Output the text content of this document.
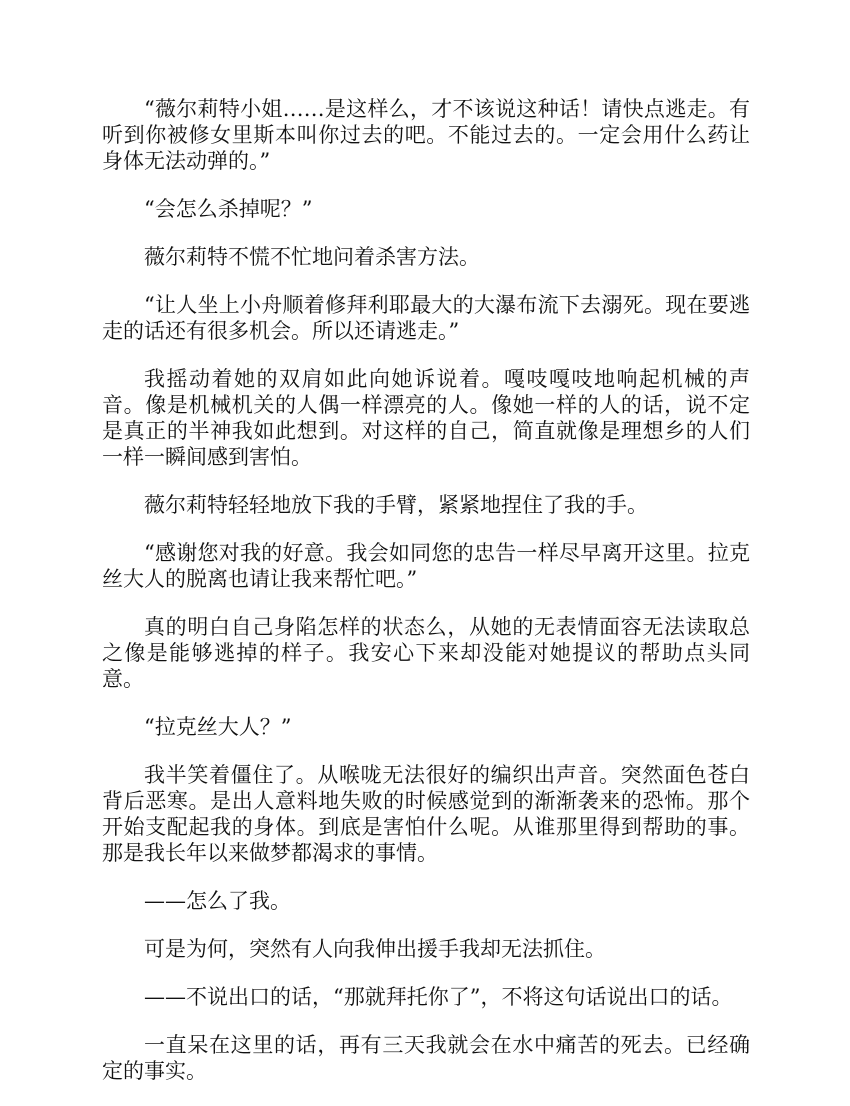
“薇尔莉特小姐……是这样么，才不该说这种话！请快点逃走。有听到你被修女里斯本叫你过去的吧。不能过去的。一定会用什么药让身体无法动弹的。”

“会怎么杀掉呢？”

薇尔莉特不慌不忙地问着杀害方法。

“让人坐上小舟顺着修拜利耶最大的大瀑布流下去溺死。现在要逃走的话还有很多机会。所以还请逃走。”

我摇动着她的双肩如此向她诉说着。嘎吱嘎吱地响起机械的声音。像是机械机关的人偶一样漂亮的人。像她一样的人的话，说不定是真正的半神我如此想到。对这样的自己，简直就像是理想乡的人们一样一瞬间感到害怕。

薇尔莉特轻轻地放下我的手臂，紧紧地捏住了我的手。

“感谢您对我的好意。我会如同您的忠告一样尽早离开这里。拉克丝大人的脱离也请让我来帮忙吧。”

真的明白自己身陷怎样的状态么，从她的无表情面容无法读取总之像是能够逃掉的样子。我安心下来却没能对她提议的帮助点头同意。

“拉克丝大人？”

我半笑着僵住了。从喉咙无法很好的编织出声音。突然面色苍白背后恶寒。是出人意料地失败的时候感觉到的渐渐袭来的恐怖。那个开始支配起我的身体。到底是害怕什么呢。从谁那里得到帮助的事。那是我长年以来做梦都渴求的事情。

——怎么了我。

可是为何，突然有人向我伸出援手我却无法抓住。

——不说出口的话，“那就拜托你了”，不将这句话说出口的话。

一直呆在这里的话，再有三天我就会在水中痛苦的死去。已经确定的事实。
